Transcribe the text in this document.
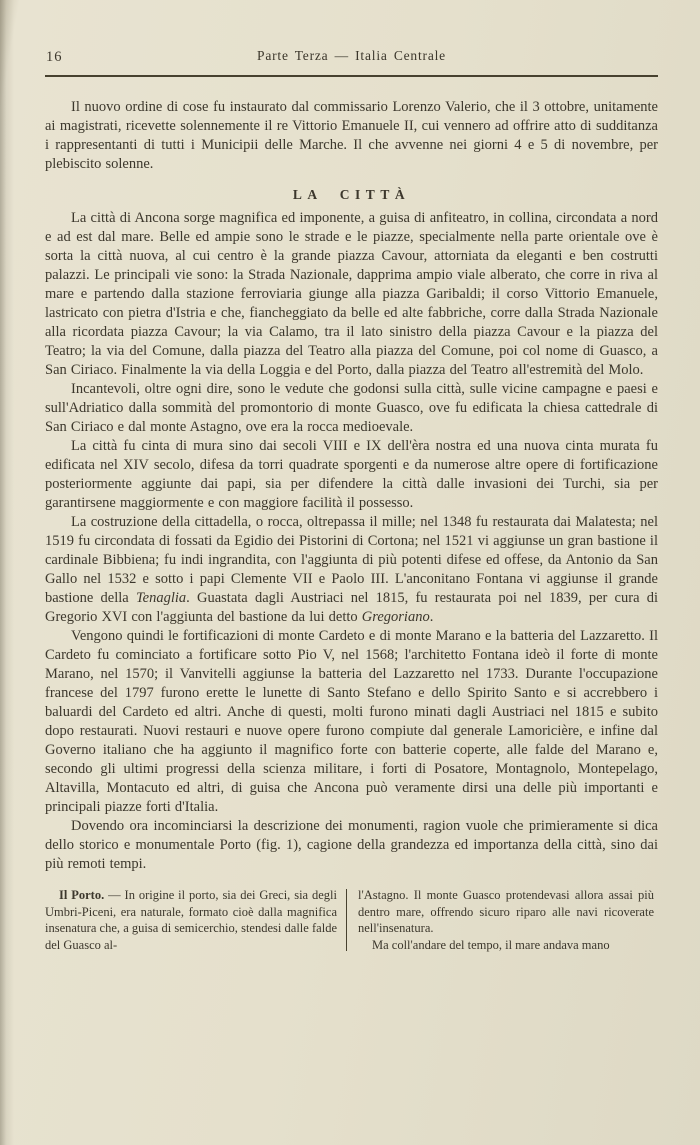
16	Parte Terza — Italia Centrale

Il nuovo ordine di cose fu instaurato dal commissario Lorenzo Valerio, che il 3 ottobre, unitamente ai magistrati, ricevette solennemente il re Vittorio Emanuele II, cui vennero ad offrire atto di sudditanza i rappresentanti di tutti i Municipii delle Marche. Il che avvenne nei giorni 4 e 5 di novembre, per plebiscito solenne.

LA CITTÀ

La città di Ancona sorge magnifica ed imponente, a guisa di anfiteatro, in collina, circondata a nord e ad est dal mare. Belle ed ampie sono le strade e le piazze, specialmente nella parte orientale ove è sorta la città nuova, al cui centro è la grande piazza Cavour, attorniata da eleganti e ben costrutti palazzi. Le principali vie sono: la Strada Nazionale, dapprima ampio viale alberato, che corre in riva al mare e partendo dalla stazione ferroviaria giunge alla piazza Garibaldi; il corso Vittorio Emanuele, lastricato con pietra d'Istria e che, fiancheggiato da belle ed alte fabbriche, corre dalla Strada Nazionale alla ricordata piazza Cavour; la via Calamo, tra il lato sinistro della piazza Cavour e la piazza del Teatro; la via del Comune, dalla piazza del Teatro alla piazza del Comune, poi col nome di Guasco, a San Ciriaco. Finalmente la via della Loggia e del Porto, dalla piazza del Teatro all'estremità del Molo.

Incantevoli, oltre ogni dire, sono le vedute che godonsi sulla città, sulle vicine campagne e paesi e sull'Adriatico dalla sommità del promontorio di monte Guasco, ove fu edificata la chiesa cattedrale di San Ciriaco e dal monte Astagno, ove era la rocca medioevale.

La città fu cinta di mura sino dai secoli VIII e IX dell'èra nostra ed una nuova cinta murata fu edificata nel XIV secolo, difesa da torri quadrate sporgenti e da numerose altre opere di fortificazione posteriormente aggiunte dai papi, sia per difendere la città dalle invasioni dei Turchi, sia per garantirsene maggiormente e con maggiore facilità il possesso.

La costruzione della cittadella, o rocca, oltrepassa il mille; nel 1348 fu restaurata dai Malatesta; nel 1519 fu circondata di fossati da Egidio dei Pistorini di Cortona; nel 1521 vi aggiunse un gran bastione il cardinale Bibbiena; fu indi ingrandita, con l'aggiunta di più potenti difese ed offese, da Antonio da San Gallo nel 1532 e sotto i papi Clemente VII e Paolo III. L'anconitano Fontana vi aggiunse il grande bastione della Tenaglia. Guastata dagli Austriaci nel 1815, fu restaurata poi nel 1839, per cura di Gregorio XVI con l'aggiunta del bastione da lui detto Gregoriano.

Vengono quindi le fortificazioni di monte Cardeto e di monte Marano e la batteria del Lazzaretto. Il Cardeto fu cominciato a fortificare sotto Pio V, nel 1568; l'architetto Fontana ideò il forte di monte Marano, nel 1570; il Vanvitelli aggiunse la batteria del Lazzaretto nel 1733. Durante l'occupazione francese del 1797 furono erette le lunette di Santo Stefano e dello Spirito Santo e si accrebbero i baluardi del Cardeto ed altri. Anche di questi, molti furono minati dagli Austriaci nel 1815 e subito dopo restaurati. Nuovi restauri e nuove opere furono compiute dal generale Lamoricière, e infine dal Governo italiano che ha aggiunto il magnifico forte con batterie coperte, alle falde del Marano e, secondo gli ultimi progressi della scienza militare, i forti di Posatore, Montagnolo, Montepelago, Altavilla, Montacuto ed altri, di guisa che Ancona può veramente dirsi una delle più importanti e principali piazze forti d'Italia.

Dovendo ora incominciarsi la descrizione dei monumenti, ragion vuole che primieramente si dica dello storico e monumentale Porto (fig. 1), cagione della grandezza ed importanza della città, sino dai più remoti tempi.

Il Porto. — In origine il porto, sia dei Greci, sia degli Umbri-Piceni, era naturale, formato cioè dalla magnifica insenatura che, a guisa di semicerchio, stendesi dalle falde del Guasco al-

l'Astagno. Il monte Guasco protendevasi allora assai più dentro mare, offrendo sicuro riparo alle navi ricoverate nell'insenatura.

Ma coll'andare del tempo, il mare andava mano
